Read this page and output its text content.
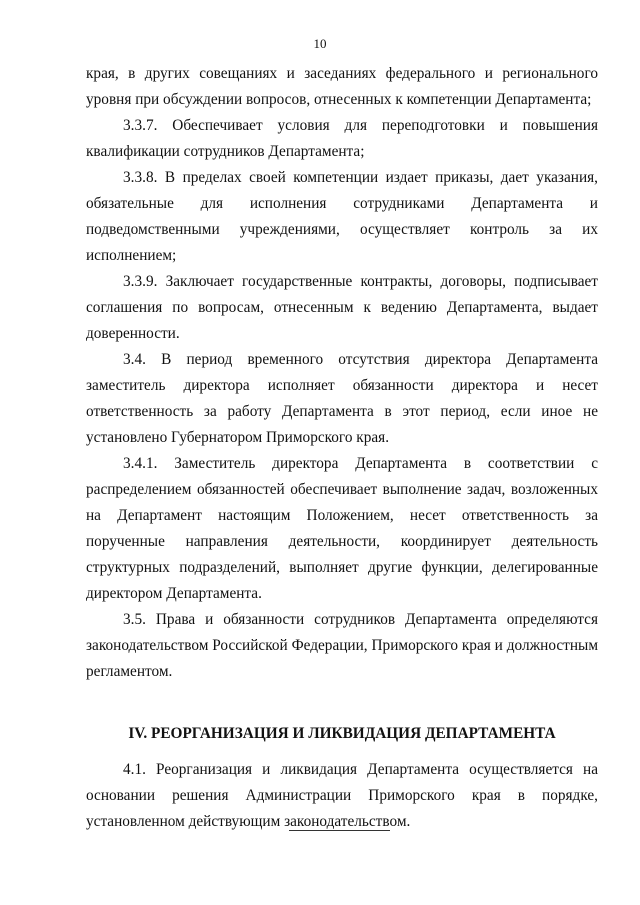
10

края, в других совещаниях и заседаниях федерального и регионального уровня при обсуждении вопросов, отнесенных к компетенции Департамента;

3.3.7. Обеспечивает условия для переподготовки и повышения квалификации сотрудников Департамента;

3.3.8. В пределах своей компетенции издает приказы, дает указания, обязательные для исполнения сотрудниками Департамента и подведомственными учреждениями, осуществляет контроль за их исполнением;

3.3.9. Заключает государственные контракты, договоры, подписывает соглашения по вопросам, отнесенным к ведению Департамента, выдает доверенности.

3.4. В период временного отсутствия директора Департамента заместитель директора исполняет обязанности директора и несет ответственность за работу Департамента в этот период, если иное не установлено Губернатором Приморского края.

3.4.1. Заместитель директора Департамента в соответствии с распределением обязанностей обеспечивает выполнение задач, возложенных на Департамент настоящим Положением, несет ответственность за порученные направления деятельности, координирует деятельность структурных подразделений, выполняет другие функции, делегированные директором Департамента.

3.5. Права и обязанности сотрудников Департамента определяются законодательством Российской Федерации, Приморского края и должностным регламентом.

IV. РЕОРГАНИЗАЦИЯ И ЛИКВИДАЦИЯ ДЕПАРТАМЕНТА

4.1. Реорганизация и ликвидация Департамента осуществляется на основании решения Администрации Приморского края в порядке, установленном действующим законодательством.
